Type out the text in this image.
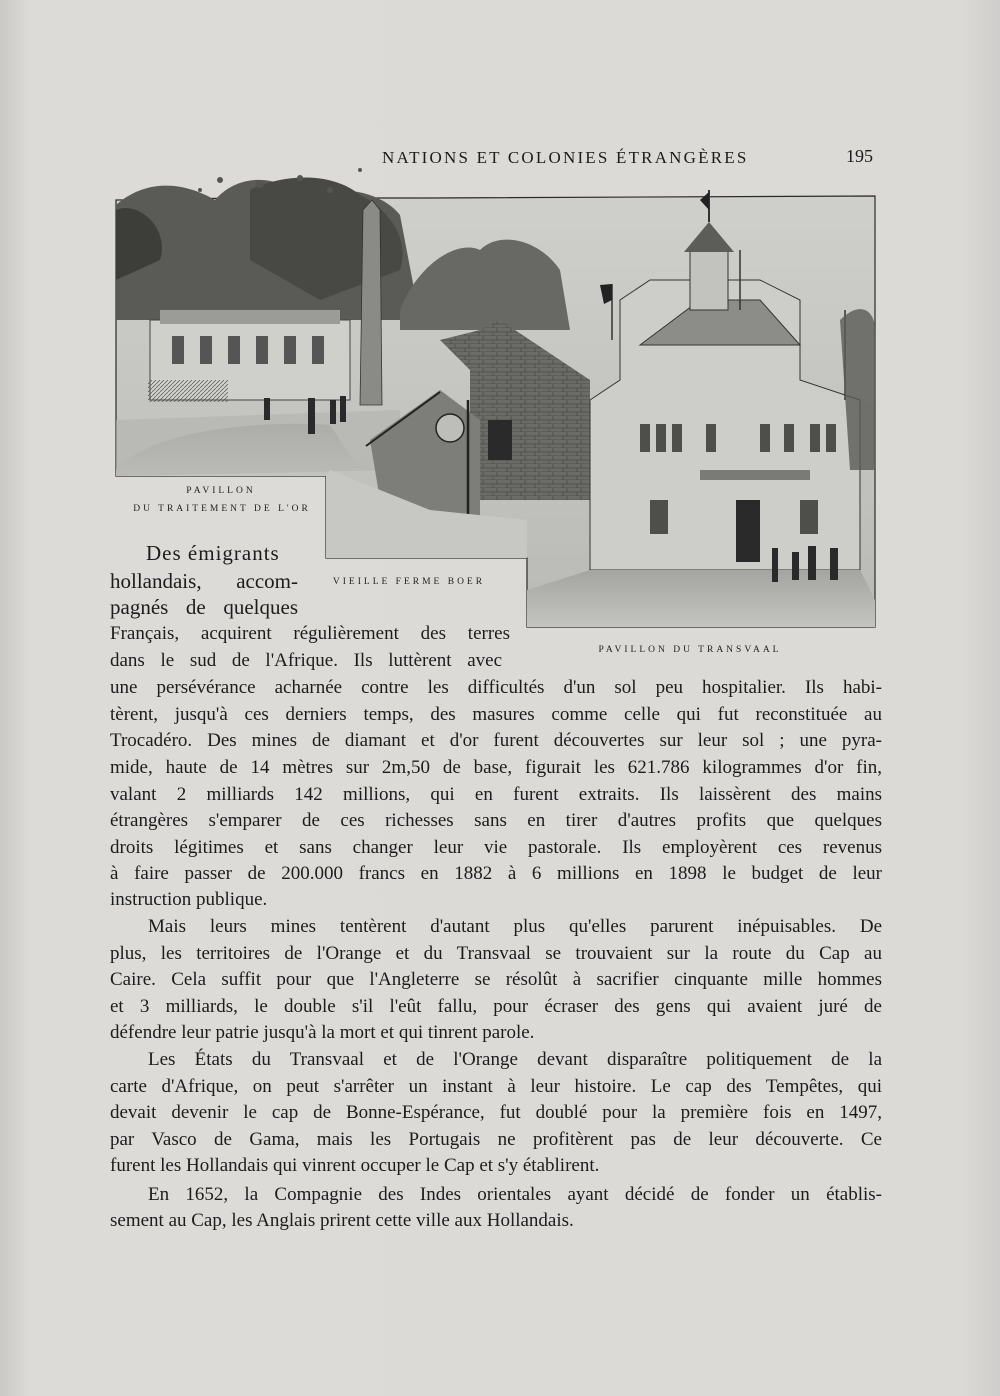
NATIONS ET COLONIES ÉTRANGÈRES	195
PAVILLON
DU TRAITEMENT DE L'OR
VIEILLE FERME BOER
PAVILLON DU TRANSVAAL
Des émigrants
hollandais, accom-
pagnés de quelques
Français, acquirent régulièrement des terres
dans le sud de l'Afrique. Ils luttèrent avec
une persévérance acharnée contre les difficultés d'un sol peu hospitalier. Ils habi-
tèrent, jusqu'à ces derniers temps, des masures comme celle qui fut reconstituée au
Trocadéro. Des mines de diamant et d'or furent découvertes sur leur sol ; une pyra-
mide, haute de 14 mètres sur 2m,50 de base, figurait les 621.786 kilogrammes d'or fin,
valant 2 milliards 142 millions, qui en furent extraits. Ils laissèrent des mains
étrangères s'emparer de ces richesses sans en tirer d'autres profits que quelques
droits légitimes et sans changer leur vie pastorale. Ils employèrent ces revenus
à faire passer de 200.000 francs en 1882 à 6 millions en 1898 le budget de leur
instruction publique.
Mais leurs mines tentèrent d'autant plus qu'elles parurent inépuisables. De
plus, les territoires de l'Orange et du Transvaal se trouvaient sur la route du Cap au
Caire. Cela suffit pour que l'Angleterre se résolût à sacrifier cinquante mille hommes
et 3 milliards, le double s'il l'eût fallu, pour écraser des gens qui avaient juré de
défendre leur patrie jusqu'à la mort et qui tinrent parole.
Les États du Transvaal et de l'Orange devant disparaître politiquement de la
carte d'Afrique, on peut s'arrêter un instant à leur histoire. Le cap des Tempêtes, qui
devait devenir le cap de Bonne-Espérance, fut doublé pour la première fois en 1497,
par Vasco de Gama, mais les Portugais ne profitèrent pas de leur découverte. Ce
furent les Hollandais qui vinrent occuper le Cap et s'y établirent.
En 1652, la Compagnie des Indes orientales ayant décidé de fonder un établis-
sement au Cap, les Anglais prirent cette ville aux Hollandais.
